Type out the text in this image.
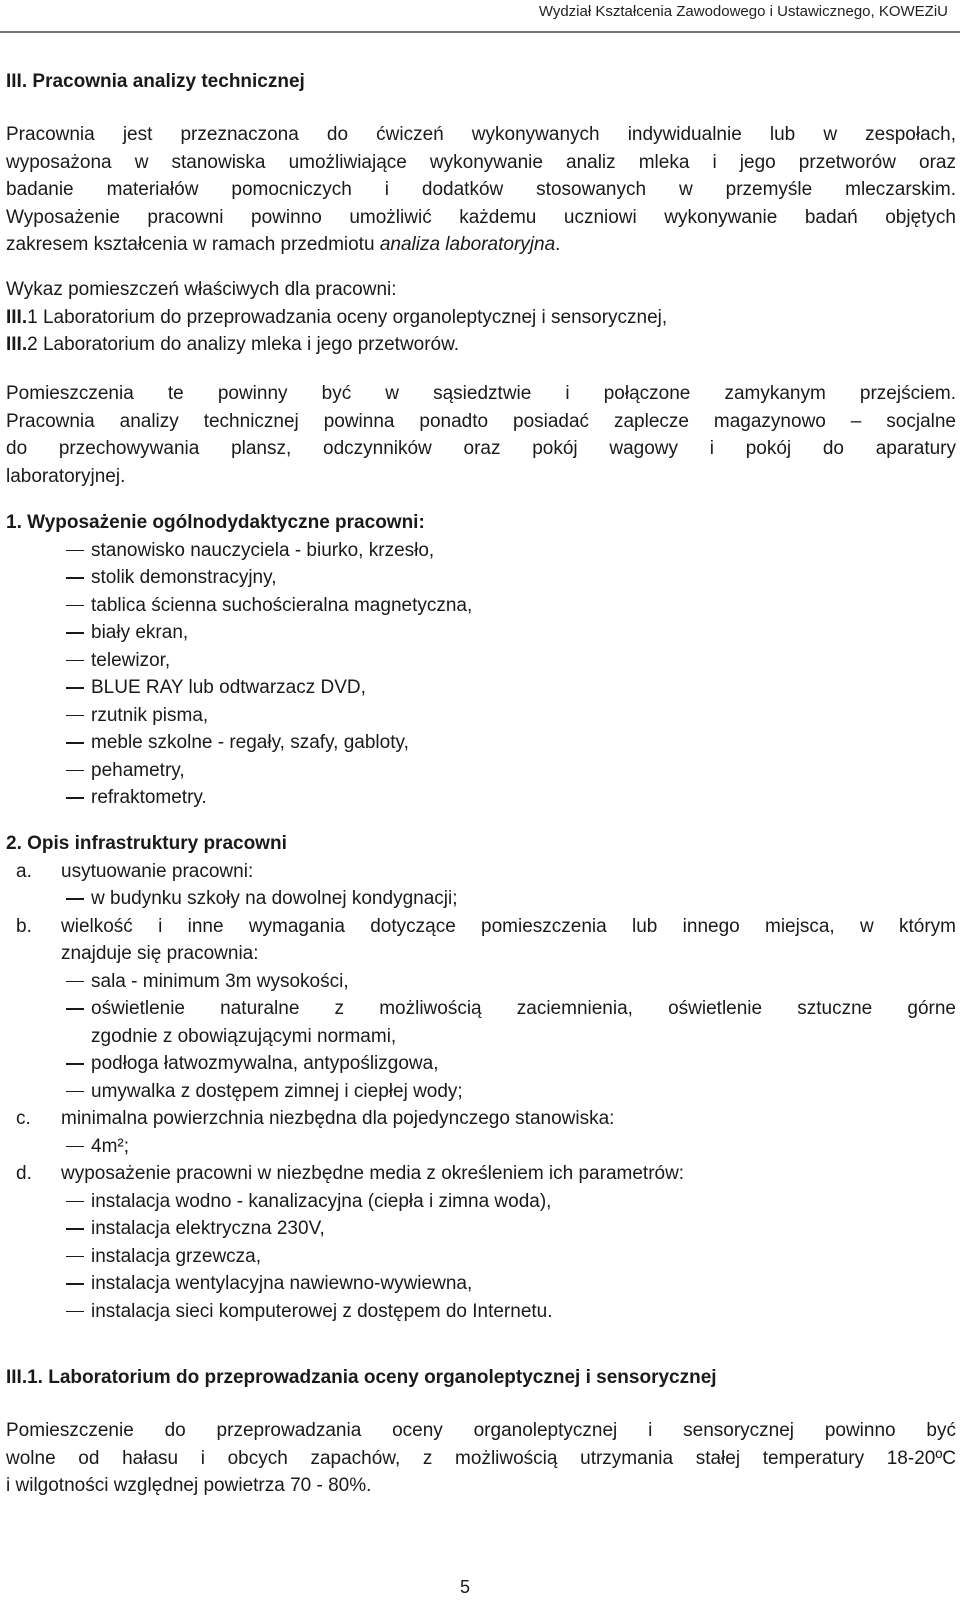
Wydział Kształcenia Zawodowego i Ustawicznego, KOWEZiU

III. Pracownia analizy technicznej

Pracownia jest przeznaczona do ćwiczeń wykonywanych indywidualnie lub w zespołach,

wyposażona w stanowiska umożliwiające wykonywanie analiz mleka i jego przetworów oraz

badanie materiałów pomocniczych i dodatków stosowanych w przemyśle mleczarskim.

Wyposażenie pracowni powinno umożliwić każdemu uczniowi wykonywanie badań objętych

zakresem kształcenia w ramach przedmiotu analiza laboratoryjna.

Wykaz pomieszczeń właściwych dla pracowni:

III.1 Laboratorium do przeprowadzania oceny organoleptycznej i sensorycznej,

III.2 Laboratorium do analizy mleka i jego przetworów.

Pomieszczenia te powinny być w sąsiedztwie i połączone zamykanym przejściem.

Pracownia analizy technicznej powinna ponadto posiadać zaplecze magazynowo – socjalne

do przechowywania plansz, odczynników oraz pokój wagowy i pokój do aparatury

laboratoryjnej.

1. Wyposażenie ogólnodydaktyczne pracowni:

stanowisko nauczyciela - biurko, krzesło,
stolik demonstracyjny,
tablica ścienna suchościeralna magnetyczna,
biały ekran,
telewizor,
BLUE RAY lub odtwarzacz DVD,
rzutnik pisma,
meble szkolne - regały, szafy, gabloty,
pehametry,
refraktometry.

2. Opis infrastruktury pracowni

a. usytuowanie pracowni:
w budynku szkoły na dowolnej kondygnacji;
b. wielkość i inne wymagania dotyczące pomieszczenia lub innego miejsca, w którym
znajduje się pracownia:
sala - minimum 3m wysokości,
oświetlenie naturalne z możliwością zaciemnienia, oświetlenie sztuczne górne
zgodnie z obowiązującymi normami,
podłoga łatwozmywalna, antypoślizgowa,
umywalka z dostępem zimnej i ciepłej wody;
c. minimalna powierzchnia niezbędna dla pojedynczego stanowiska:
4m²;
d. wyposażenie pracowni w niezbędne media z określeniem ich parametrów:
instalacja wodno - kanalizacyjna (ciepła i zimna woda),
instalacja elektryczna 230V,
instalacja grzewcza,
instalacja wentylacyjna nawiewno-wywiewna,
instalacja sieci komputerowej z dostępem do Internetu.

III.1. Laboratorium do przeprowadzania oceny organoleptycznej i sensorycznej

Pomieszczenie do przeprowadzania oceny organoleptycznej i sensorycznej powinno być

wolne od hałasu i obcych zapachów, z możliwością utrzymania stałej temperatury 18-20ºC

i wilgotności względnej powietrza 70 - 80%.

5
